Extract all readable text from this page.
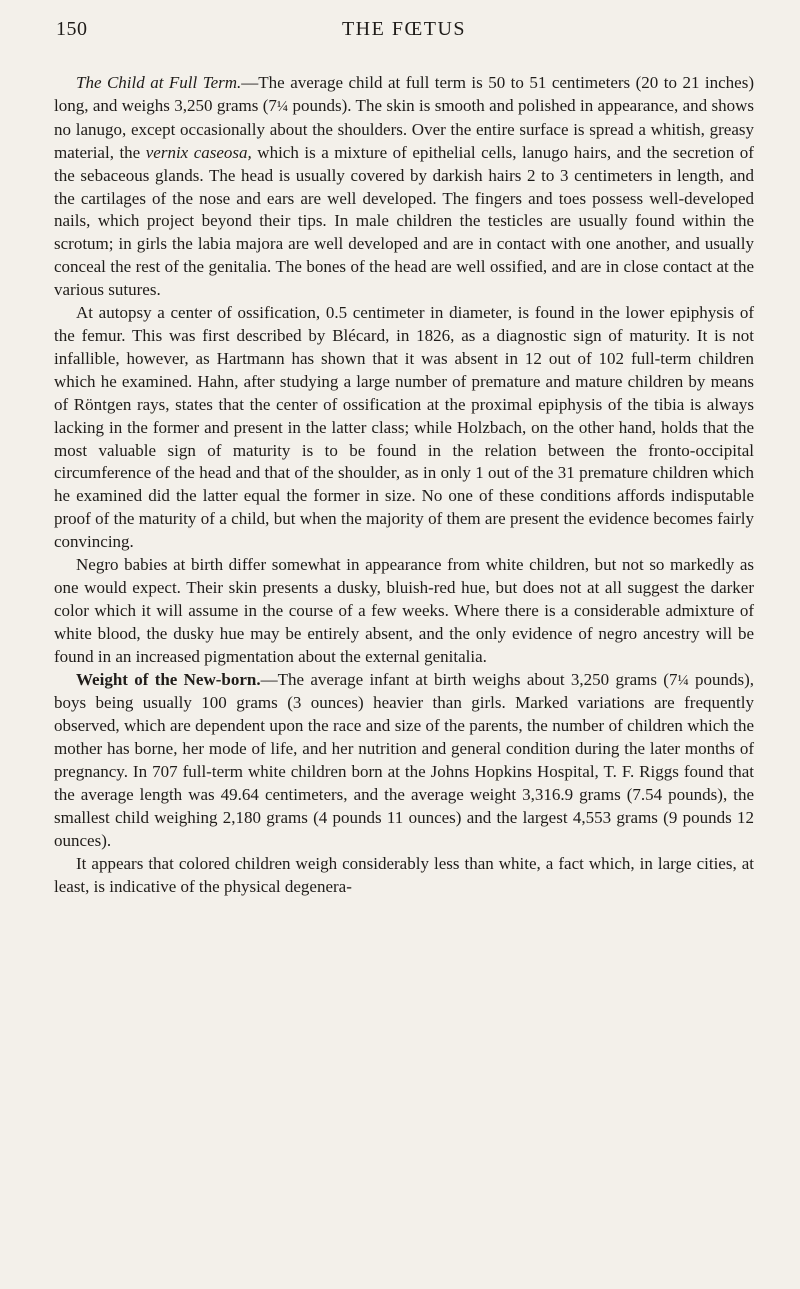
150	THE FŒTUS

The Child at Full Term.—The average child at full term is 50 to 51 centimeters (20 to 21 inches) long, and weighs 3,250 grams (7¼ pounds). The skin is smooth and polished in appearance, and shows no lanugo, except occasionally about the shoulders. Over the entire surface is spread a whitish, greasy material, the vernix caseosa, which is a mixture of epithelial cells, lanugo hairs, and the secretion of the sebaceous glands. The head is usually covered by darkish hairs 2 to 3 centimeters in length, and the cartilages of the nose and ears are well developed. The fingers and toes possess well-developed nails, which project beyond their tips. In male children the testicles are usually found within the scrotum; in girls the labia majora are well developed and are in contact with one another, and usually conceal the rest of the genitalia. The bones of the head are well ossified, and are in close contact at the various sutures.

At autopsy a center of ossification, 0.5 centimeter in diameter, is found in the lower epiphysis of the femur. This was first described by Blécard, in 1826, as a diagnostic sign of maturity. It is not infallible, however, as Hartmann has shown that it was absent in 12 out of 102 full-term children which he examined. Hahn, after studying a large number of premature and mature children by means of Röntgen rays, states that the center of ossification at the proximal epiphysis of the tibia is always lacking in the former and present in the latter class; while Holzbach, on the other hand, holds that the most valuable sign of maturity is to be found in the relation between the fronto-occipital circumference of the head and that of the shoulder, as in only 1 out of the 31 premature children which he examined did the latter equal the former in size. No one of these conditions affords indisputable proof of the maturity of a child, but when the majority of them are present the evidence becomes fairly convincing.

Negro babies at birth differ somewhat in appearance from white children, but not so markedly as one would expect. Their skin presents a dusky, bluish-red hue, but does not at all suggest the darker color which it will assume in the course of a few weeks. Where there is a considerable admixture of white blood, the dusky hue may be entirely absent, and the only evidence of negro ancestry will be found in an increased pigmentation about the external genitalia.

Weight of the New-born.—The average infant at birth weighs about 3,250 grams (7¼ pounds), boys being usually 100 grams (3 ounces) heavier than girls. Marked variations are frequently observed, which are dependent upon the race and size of the parents, the number of children which the mother has borne, her mode of life, and her nutrition and general condition during the later months of pregnancy. In 707 full-term white children born at the Johns Hopkins Hospital, T. F. Riggs found that the average length was 49.64 centimeters, and the average weight 3,316.9 grams (7.54 pounds), the smallest child weighing 2,180 grams (4 pounds 11 ounces) and the largest 4,553 grams (9 pounds 12 ounces).

It appears that colored children weigh considerably less than white, a fact which, in large cities, at least, is indicative of the physical degenera-
